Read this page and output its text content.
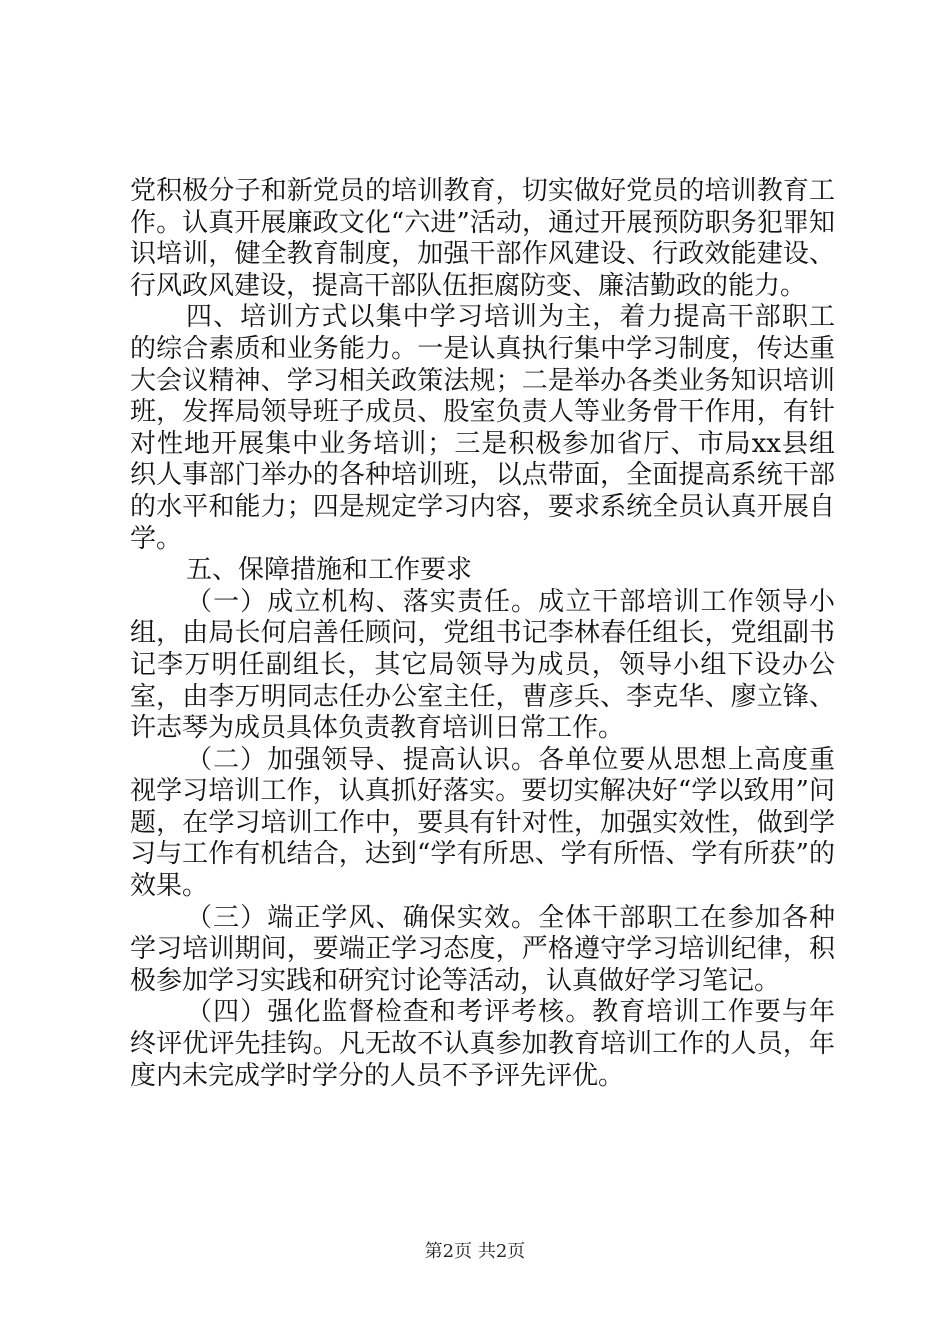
党积极分子和新党员的培训教育，切实做好党员的培训教育工作。认真开展廉政文化“六进”活动，通过开展预防职务犯罪知识培训，健全教育制度，加强干部作风建设、行政效能建设、行风政风建设，提高干部队伍拒腐防变、廉洁勤政的能力。

四、培训方式以集中学习培训为主，着力提高干部职工的综合素质和业务能力。一是认真执行集中学习制度，传达重大会议精神、学习相关政策法规；二是举办各类业务知识培训班，发挥局领导班子成员、股室负责人等业务骨干作用，有针对性地开展集中业务培训；三是积极参加省厅、市局xx县组织人事部门举办的各种培训班，以点带面，全面提高系统干部的水平和能力；四是规定学习内容，要求系统全员认真开展自学。

五、保障措施和工作要求

（一）成立机构、落实责任。成立干部培训工作领导小组，由局长何启善任顾问，党组书记李林春任组长，党组副书记李万明任副组长，其它局领导为成员，领导小组下设办公室，由李万明同志任办公室主任，曹彦兵、李克华、廖立锋、许志琴为成员具体负责教育培训日常工作。

（二）加强领导、提高认识。各单位要从思想上高度重视学习培训工作，认真抓好落实。要切实解决好“学以致用”问题，在学习培训工作中，要具有针对性，加强实效性，做到学习与工作有机结合，达到“学有所思、学有所悟、学有所获”的效果。

（三）端正学风、确保实效。全体干部职工在参加各种学习培训期间，要端正学习态度，严格遵守学习培训纪律，积极参加学习实践和研究讨论等活动，认真做好学习笔记。

（四）强化监督检查和考评考核。教育培训工作要与年终评优评先挂钩。凡无故不认真参加教育培训工作的人员，年度内未完成学时学分的人员不予评先评优。

第2页 共2页
